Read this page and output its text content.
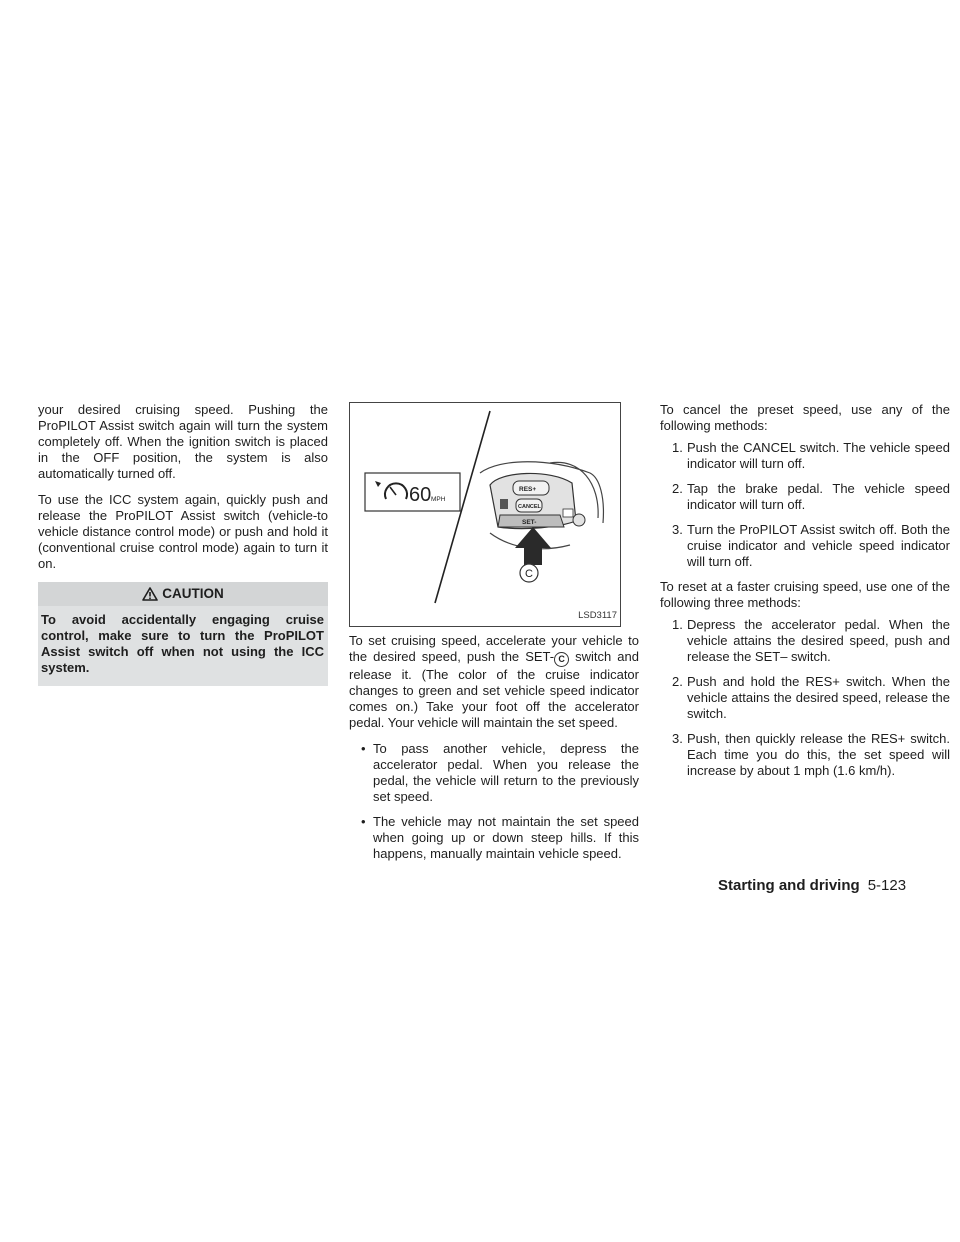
your desired cruising speed. Pushing the ProPILOT Assist switch again will turn the system completely off. When the ignition switch is placed in the OFF position, the system is also automatically turned off.

To use the ICC system again, quickly push and release the ProPILOT Assist switch (vehicle-to vehicle distance control mode) or push and hold it (conventional cruise control mode) again to turn it on.

CAUTION
To avoid accidentally engaging cruise control, make sure to turn the ProPILOT Assist switch off when not using the ICC system.
60 MPH
RES+
CANCEL
SET-
C
LSD3117

To set cruising speed, accelerate your vehicle to the desired speed, push the SET- C switch and release it. (The color of the cruise indicator changes to green and set vehicle speed indicator comes on.) Take your foot off the accelerator pedal. Your vehicle will maintain the set speed.

• To pass another vehicle, depress the accelerator pedal. When you release the pedal, the vehicle will return to the previously set speed.
• The vehicle may not maintain the set speed when going up or down steep hills. If this happens, manually maintain vehicle speed.

To cancel the preset speed, use any of the following methods:

1. Push the CANCEL switch. The vehicle speed indicator will turn off.
2. Tap the brake pedal. The vehicle speed indicator will turn off.
3. Turn the ProPILOT Assist switch off. Both the cruise indicator and vehicle speed indicator will turn off.

To reset at a faster cruising speed, use one of the following three methods:

1. Depress the accelerator pedal. When the vehicle attains the desired speed, push and release the SET– switch.
2. Push and hold the RES+ switch. When the vehicle attains the desired speed, release the switch.
3. Push, then quickly release the RES+ switch. Each time you do this, the set speed will increase by about 1 mph (1.6 km/h).
Starting and driving 5-123
